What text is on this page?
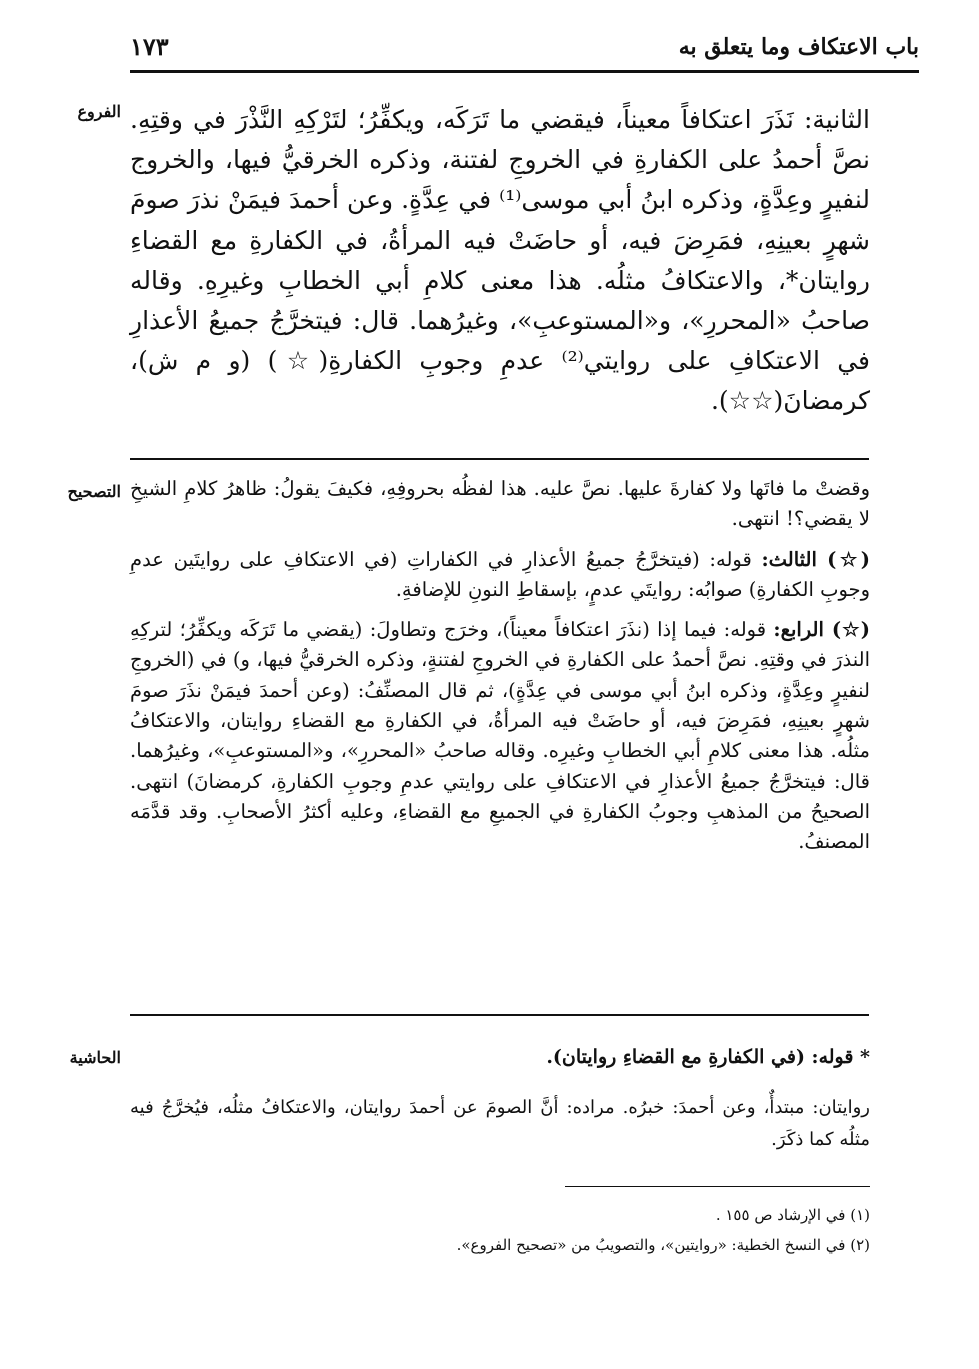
١٧٣	باب الاعتكاف وما يتعلق به
الفروع الثانية: نَذَرَ اعتكافاً معيناً، فيقضي ما تَرَكَه، ويكفِّرُ؛ لتَرْكِهِ النَّذْرَ في وقتِهِ. نصَّ أحمدُ على الكفارةِ في الخروجِ لفتنة، وذكره الخرقيُّ فيها، والخروج لنفيرٍ وعِدَّةٍ، وذكره ابنُ أبي موسى⁽¹⁾ في عِدَّةٍ. وعن أحمدَ فيمَنْ نذرَ صومَ شهرٍ بعينِهِ، فمَرِضَ فيه، أو حاضَتْ فيه المرأةُ، في الكفارةِ مع القضاءِ روايتان*، والاعتكافُ مثلُه. هذا معنى كلامِ أبي الخطابِ وغيرِهِ. وقاله صاحبُ «المحررِ»، و«المستوعبِ»، وغيرُهما. قال: فيتخرَّجُ جميعُ الأعذارِ في الاعتكافِ على روايتي⁽²⁾ عدمِ وجوبِ الكفارةِ(☆) (و م ش)، كرمضانَ(☆☆).

التصحيح وقضتْ ما فاتَها ولا كفارةَ عليها. نصَّ عليه. هذا لفظُه بحروفِهِ، فكيفَ يقولُ: ظاهرُ كلامِ الشيخِ لا يقضي؟! انتهى.

(☆) الثالث: قوله: (فيتخرَّجُ جميعُ الأعذارِ في الكفاراتِ (في الاعتكافِ على روايتَين عدمِ وجوبِ الكفارةِ) صوابُه: روايتَي عدمٍ، بإسقاطِ النونِ للإضافةِ.

(☆) الرابع: قوله: فيما إذا (نذَرَ اعتكافاً معيناً)، وخرَج وتطاولَ: (يقضي ما تَرَكَه ويكفِّرُ؛ لتركِهِ النذرَ في وقتِهِ. نصَّ أحمدُ على الكفارةِ في الخروجِ لفتنةٍ، وذكره الخرقيُّ فيها، و) في (الخروجِ لنفيرٍ وعِدَّةٍ، وذكره ابنُ أبي موسى في عِدَّةٍ)، ثم قال المصنِّفُ: (وعن أحمدَ فيمَنْ نذَرَ صومَ شهرٍ بعينِهِ، فمَرِضَ فيه، أو حاضَتْ فيه المرأةُ، في الكفارةِ مع القضاءِ روايتان، والاعتكافُ مثلُه. هذا معنى كلامِ أبي الخطابِ وغيرِه. وقاله صاحبُ «المحررِ»، و«المستوعبِ»، وغيرُهما. قال: فيتخرَّجُ جميعُ الأعذارِ في الاعتكافِ على روايتي عدمِ وجوبِ الكفارةِ، كرمضانَ) انتهى. الصحيحُ من المذهبِ وجوبُ الكفارةِ في الجميعِ مع القضاءِ، وعليه أكثرُ الأصحابِ. وقد قدَّمَه المصنفُ.

الحاشية	* قوله: (في الكفارةِ مع القضاءِ روايتان).

روايتان: مبتدأٌ، وعن أحمدَ: خبرُه. مراده: أنَّ الصومَ عن أحمدَ روايتان، والاعتكافُ مثلُه، فيُخرَّجُ فيه مثلُه كما ذكَرَ.

(١) في الإرشاد ص ١٥٥ .

(٢) في النسخ الخطية: «روايتين»، والتصويبُ من «تصحيح الفروع».
